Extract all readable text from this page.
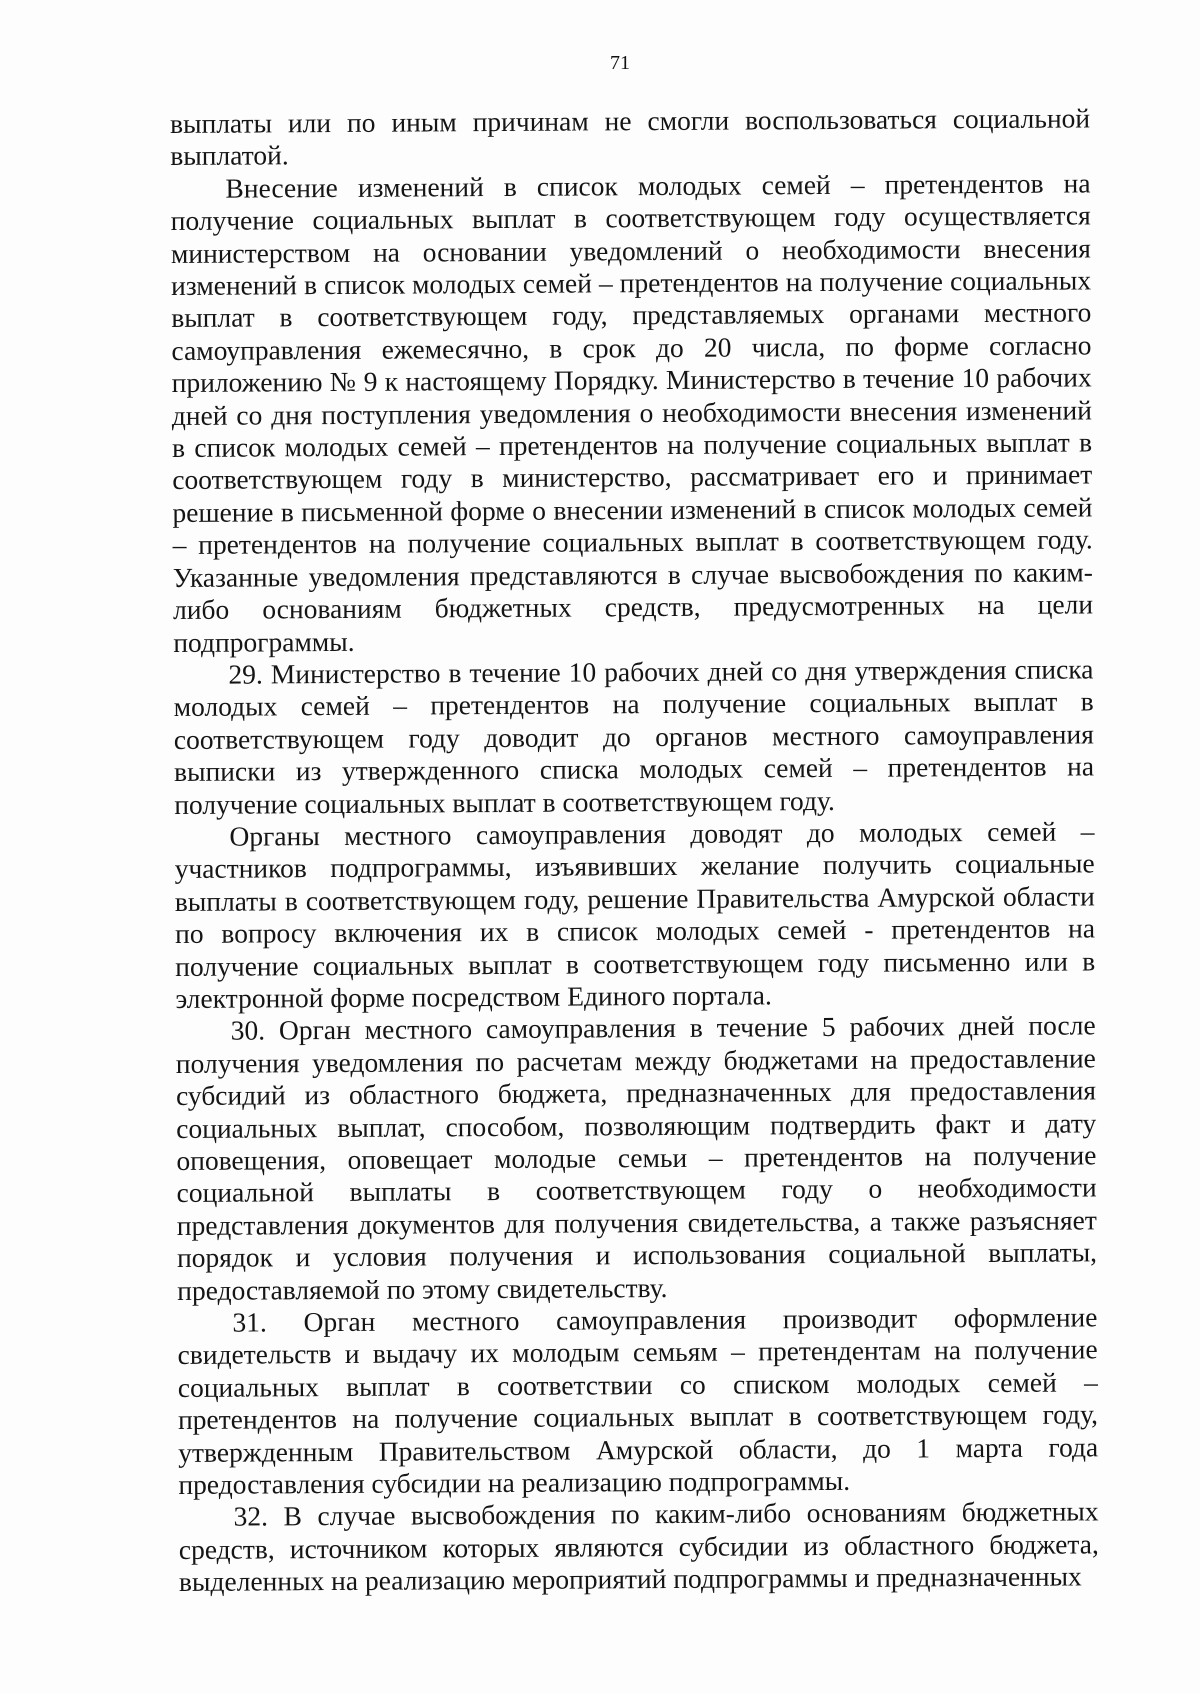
71

выплаты или по иным причинам не смогли воспользоваться социальной выплатой.

Внесение изменений в список молодых семей – претендентов на получение социальных выплат в соответствующем году осуществляется министерством на основании уведомлений о необходимости внесения изменений в список молодых семей – претендентов на получение социальных выплат в соответствующем году, представляемых органами местного самоуправления ежемесячно, в срок до 20 числа, по форме согласно приложению № 9 к настоящему Порядку. Министерство в течение 10 рабочих дней со дня поступления уведомления о необходимости внесения изменений в список молодых семей – претендентов на получение социальных выплат в соответствующем году в министерство, рассматривает его и принимает решение в письменной форме о внесении изменений в список молодых семей – претендентов на получение социальных выплат в соответствующем году. Указанные уведомления представляются в случае высвобождения по каким-либо основаниям бюджетных средств, предусмотренных на цели подпрограммы.

29. Министерство в течение 10 рабочих дней со дня утверждения списка молодых семей – претендентов на получение социальных выплат в соответствующем году доводит до органов местного самоуправления выписки из утвержденного списка молодых семей – претендентов на получение социальных выплат в соответствующем году.

Органы местного самоуправления доводят до молодых семей – участников подпрограммы, изъявивших желание получить социальные выплаты в соответствующем году, решение Правительства Амурской области по вопросу включения их в список молодых семей - претендентов на получение социальных выплат в соответствующем году письменно или в электронной форме посредством Единого портала.

30. Орган местного самоуправления в течение 5 рабочих дней после получения уведомления по расчетам между бюджетами на предоставление субсидий из областного бюджета, предназначенных для предоставления социальных выплат, способом, позволяющим подтвердить факт и дату оповещения, оповещает молодые семьи – претендентов на получение социальной выплаты в соответствующем году о необходимости представления документов для получения свидетельства, а также разъясняет порядок и условия получения и использования социальной выплаты, предоставляемой по этому свидетельству.

31. Орган местного самоуправления производит оформление свидетельств и выдачу их молодым семьям – претендентам на получение социальных выплат в соответствии со списком молодых семей – претендентов на получение социальных выплат в соответствующем году, утвержденным Правительством Амурской области, до 1 марта года предоставления субсидии на реализацию подпрограммы.

32. В случае высвобождения по каким-либо основаниям бюджетных средств, источником которых являются субсидии из областного бюджета, выделенных на реализацию мероприятий подпрограммы и предназначенных
